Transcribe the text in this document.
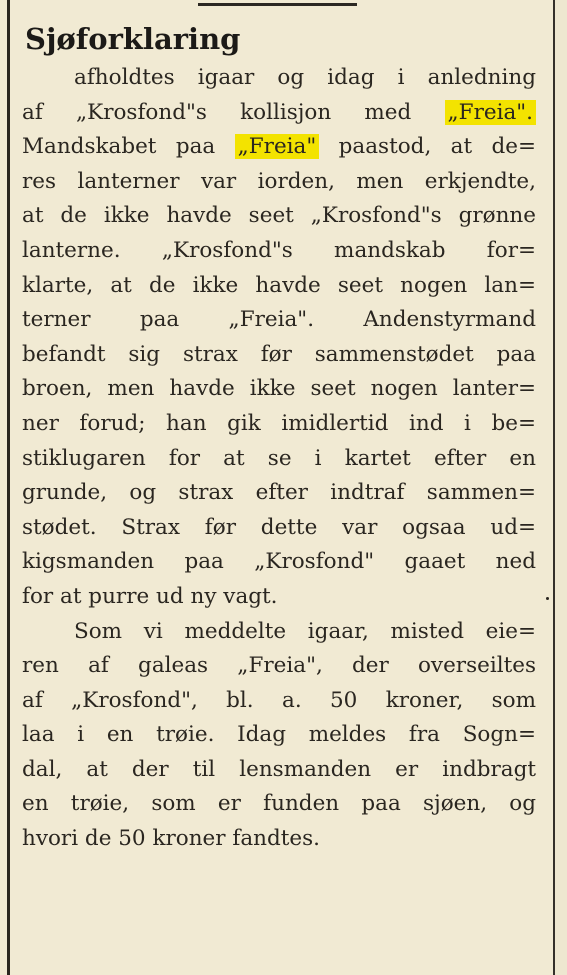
Sjøforklaring
afholdtes igaar og idag i anledning
af „Krosfond"s kollisjon med „Freia".
Mandskabet paa „Freia" paastod, at de=
res lanterner var iorden, men erkjendte,
at de ikke havde seet „Krosfond"s grønne
lanterne. „Krosfond"s mandskab for=
klarte, at de ikke havde seet nogen lan=
terner paa „Freia". Andenstyrmand
befandt sig strax før sammenstødet paa
broen, men havde ikke seet nogen lanter=
ner forud; han gik imidlertid ind i be=
stiklugaren for at se i kartet efter en
grunde, og strax efter indtraf sammen=
stødet. Strax før dette var ogsaa ud=
kigsmanden paa „Krosfond" gaaet ned
for at purre ud ny vagt.
Som vi meddelte igaar, misted eie=
ren af galeas „Freia", der overseiltes
af „Krosfond", bl. a. 50 kroner, som
laa i en trøie. Idag meldes fra Sogn=
dal, at der til lensmanden er indbragt
en trøie, som er funden paa sjøen, og
hvori de 50 kroner fandtes.
